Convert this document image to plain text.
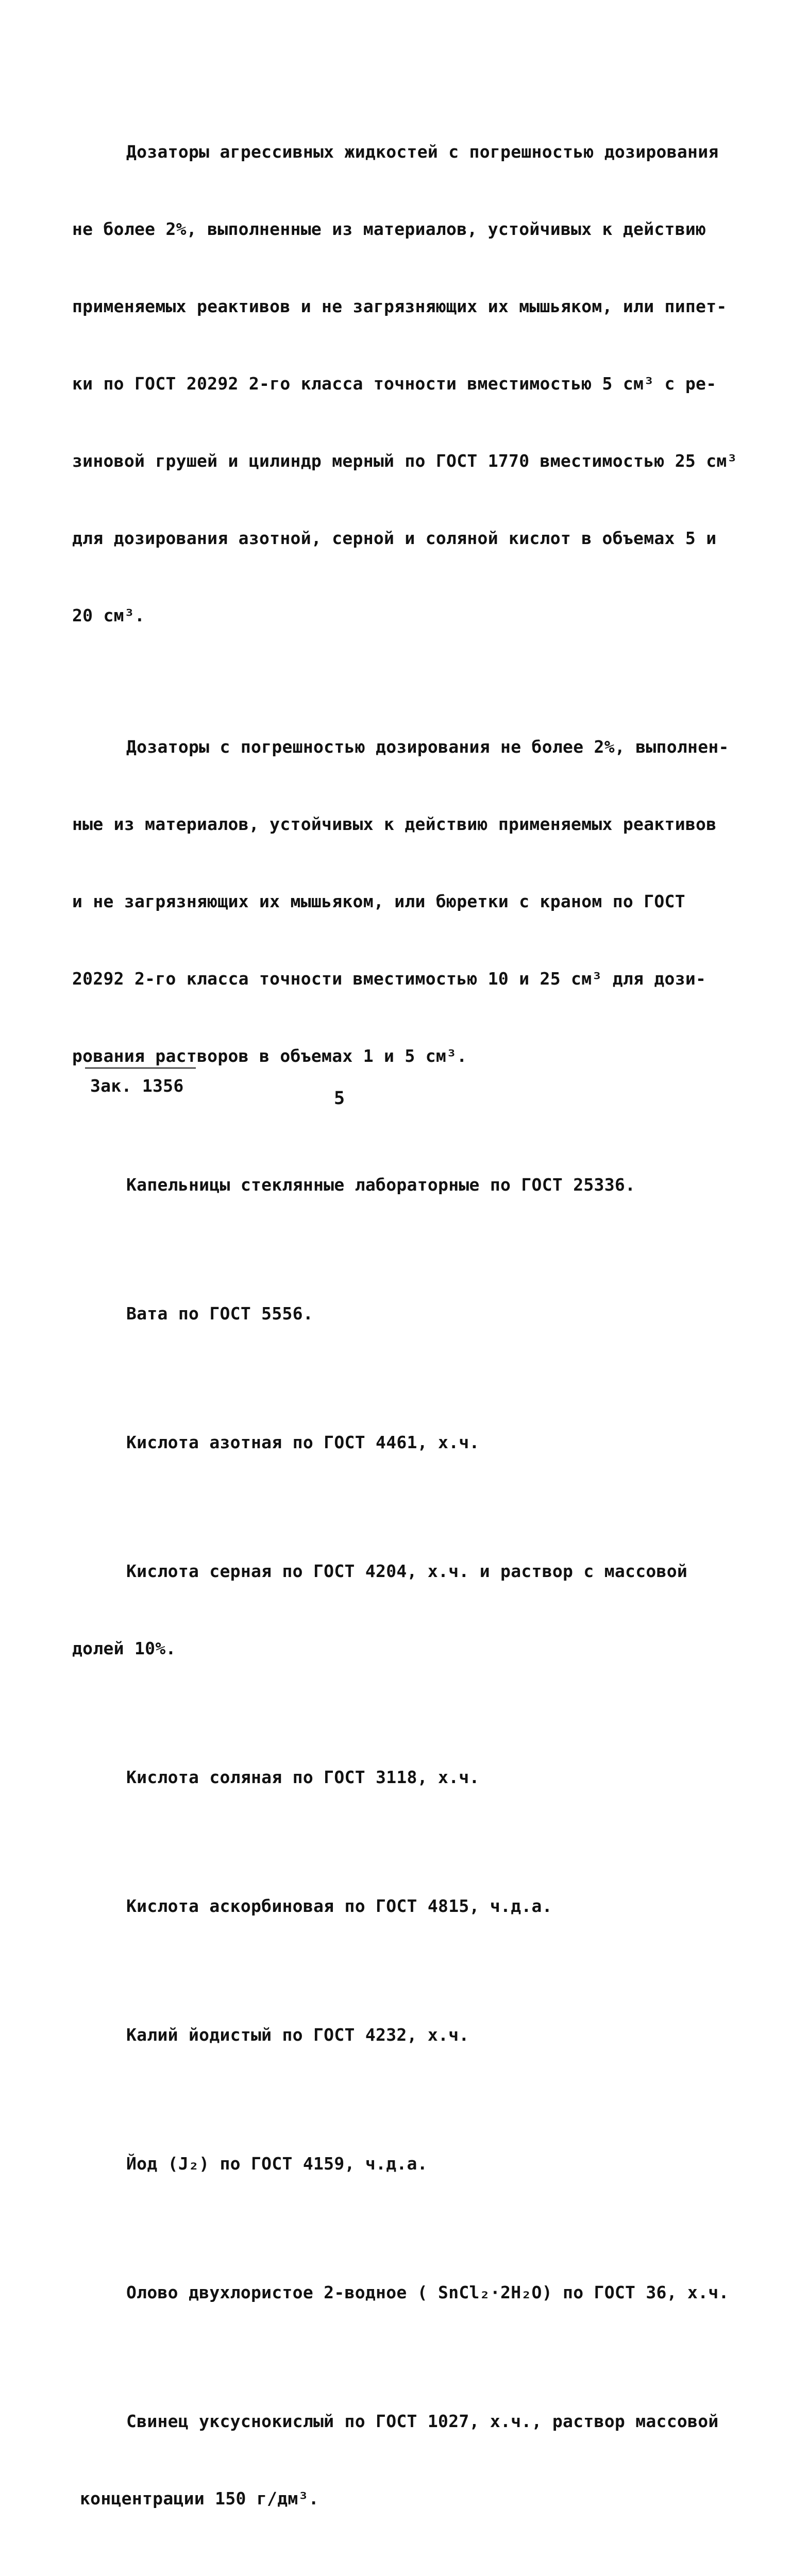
Дозаторы агрессивных жидкостей с погрешностью дозирования

не более 2%, выполненные из материалов, устойчивых к действию

применяемых реактивов и не загрязняющих их мышьяком, или пипет-

ки по ГОСТ 20292 2-го класса точности вместимостью 5 см³ с ре-

зиновой грушей и цилиндр мерный по ГОСТ 1770 вместимостью 25 см³

для дозирования азотной, серной и соляной кислот в объемах 5 и

20 см³.

Дозаторы с погрешностью дозирования не более 2%, выполнен-

ные из материалов, устойчивых к действию применяемых реактивов

и не загрязняющих их мышьяком, или бюретки с краном по ГОСТ

20292 2-го класса точности вместимостью 10 и 25 см³ для дози-

рования растворов в объемах 1 и 5 см³.

Капельницы стеклянные лабораторные по ГОСТ 25336.

Вата по ГОСТ 5556.

Кислота азотная по ГОСТ 4461, х.ч.

Кислота серная по ГОСТ 4204, х.ч. и раствор с массовой

долей 10%.

Кислота соляная по ГОСТ 3118, х.ч.

Кислота аскорбиновая по ГОСТ 4815, ч.д.а.

Калий йодистый по ГОСТ 4232, х.ч.

Йод (J₂) по ГОСТ 4159, ч.д.а.

Олово двухлористое 2-водное ( SnCl₂·2H₂O) по ГОСТ 36, х.ч.

Свинец уксуснокислый по ГОСТ 1027, х.ч., раствор массовой

концентрации 150 г/дм³.

Зак. 1356
5
